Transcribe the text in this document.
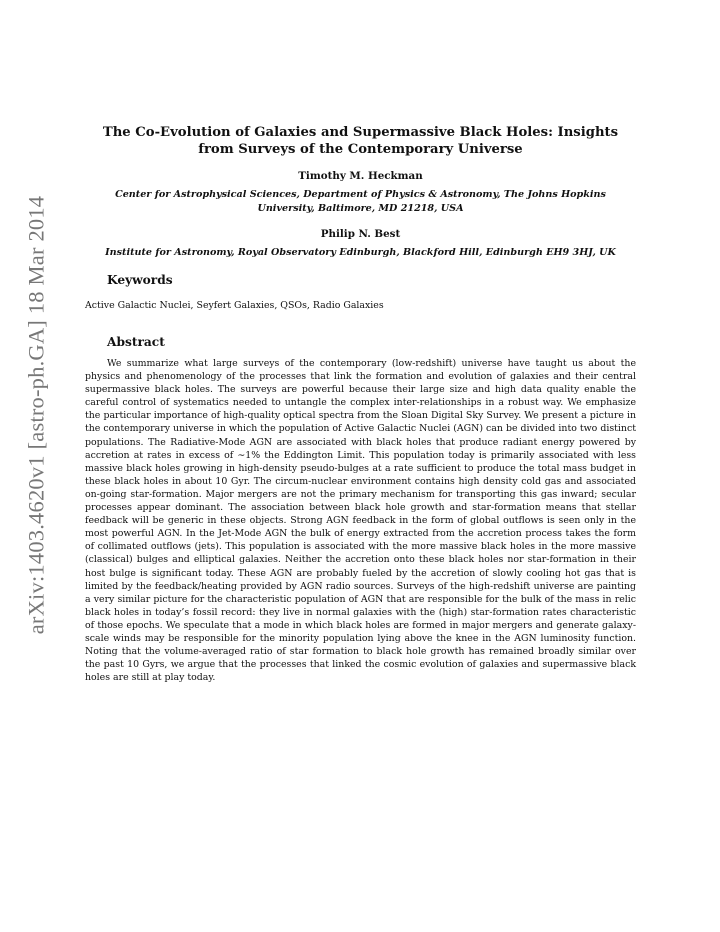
arXiv:1403.4620v1 [astro-ph.GA] 18 Mar 2014
The Co-Evolution of Galaxies and Supermassive Black Holes: Insights from Surveys of the Contemporary Universe
Timothy M. Heckman
Center for Astrophysical Sciences, Department of Physics & Astronomy, The Johns Hopkins University, Baltimore, MD 21218, USA
Philip N. Best
Institute for Astronomy, Royal Observatory Edinburgh, Blackford Hill, Edinburgh EH9 3HJ, UK
Keywords
Active Galactic Nuclei, Seyfert Galaxies, QSOs, Radio Galaxies
Abstract

We summarize what large surveys of the contemporary (low-redshift) universe have taught us about the physics and phenomenology of the processes that link the formation and evolution of galaxies and their central supermassive black holes. The surveys are powerful because their large size and high data quality enable the careful control of systematics needed to untangle the complex inter-relationships in a robust way. We emphasize the particular importance of high-quality optical spectra from the Sloan Digital Sky Survey. We present a picture in the contemporary universe in which the population of Active Galactic Nuclei (AGN) can be divided into two distinct populations. The Radiative-Mode AGN are associated with black holes that produce radiant energy powered by accretion at rates in excess of ∼1% the Eddington Limit. This population today is primarily associated with less massive black holes growing in high-density pseudo-bulges at a rate sufficient to produce the total mass budget in these black holes in about 10 Gyr. The circum-nuclear environment contains high density cold gas and associated on-going star-formation. Major mergers are not the primary mechanism for transporting this gas inward; secular processes appear dominant. The association between black hole growth and star-formation means that stellar feedback will be generic in these objects. Strong AGN feedback in the form of global outflows is seen only in the most powerful AGN. In the Jet-Mode AGN the bulk of energy extracted from the accretion process takes the form of collimated outflows (jets). This population is associated with the more massive black holes in the more massive (classical) bulges and elliptical galaxies. Neither the accretion onto these black holes nor star-formation in their host bulge is significant today. These AGN are probably fueled by the accretion of slowly cooling hot gas that is limited by the feedback/heating provided by AGN radio sources. Surveys of the high-redshift universe are painting a very similar picture for the characteristic population of AGN that are responsible for the bulk of the mass in relic black holes in today’s fossil record: they live in normal galaxies with the (high) star-formation rates characteristic of those epochs. We speculate that a mode in which black holes are formed in major mergers and generate galaxy-scale winds may be responsible for the minority population lying above the knee in the AGN luminosity function. Noting that the volume-averaged ratio of star formation to black hole growth has remained broadly similar over the past 10 Gyrs, we argue that the processes that linked the cosmic evolution of galaxies and supermassive black holes are still at play today.
